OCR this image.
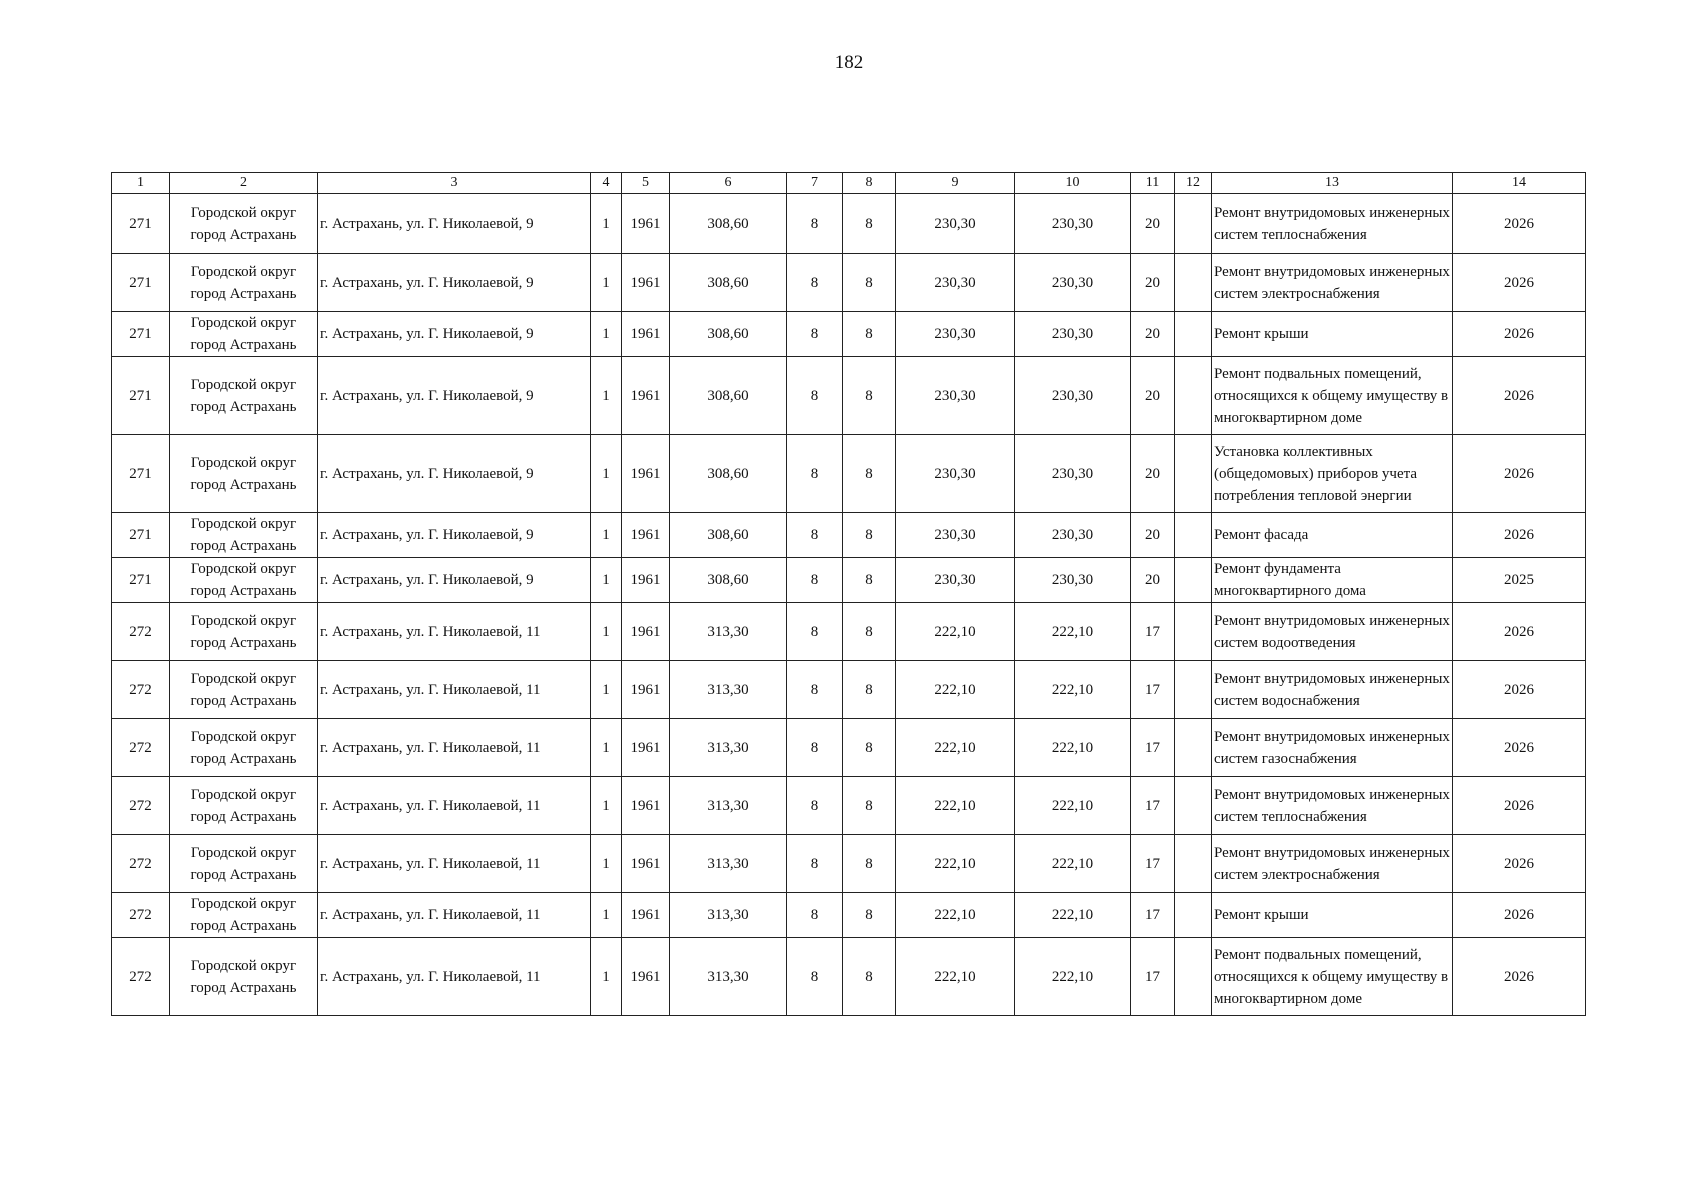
182
1	2	3	4	5	6	7	8	9	10	11	12	13	14
271	Городской округ город Астрахань	г. Астрахань, ул. Г. Николаевой, 9	1	1961	308,60	8	8	230,30	230,30	20		Ремонт внутридомовых инженерных систем теплоснабжения	2026
271	Городской округ город Астрахань	г. Астрахань, ул. Г. Николаевой, 9	1	1961	308,60	8	8	230,30	230,30	20		Ремонт внутридомовых инженерных систем электроснабжения	2026
271	Городской округ город Астрахань	г. Астрахань, ул. Г. Николаевой, 9	1	1961	308,60	8	8	230,30	230,30	20		Ремонт крыши	2026
271	Городской округ город Астрахань	г. Астрахань, ул. Г. Николаевой, 9	1	1961	308,60	8	8	230,30	230,30	20		Ремонт подвальных помещений, относящихся к общему имуществу в многоквартирном доме	2026
271	Городской округ город Астрахань	г. Астрахань, ул. Г. Николаевой, 9	1	1961	308,60	8	8	230,30	230,30	20		Установка коллективных (общедомовых) приборов учета потребления тепловой энергии	2026
271	Городской округ город Астрахань	г. Астрахань, ул. Г. Николаевой, 9	1	1961	308,60	8	8	230,30	230,30	20		Ремонт фасада	2026
271	Городской округ город Астрахань	г. Астрахань, ул. Г. Николаевой, 9	1	1961	308,60	8	8	230,30	230,30	20		Ремонт фундамента многоквартирного дома	2025
272	Городской округ город Астрахань	г. Астрахань, ул. Г. Николаевой, 11	1	1961	313,30	8	8	222,10	222,10	17		Ремонт внутридомовых инженерных систем водоотведения	2026
272	Городской округ город Астрахань	г. Астрахань, ул. Г. Николаевой, 11	1	1961	313,30	8	8	222,10	222,10	17		Ремонт внутридомовых инженерных систем водоснабжения	2026
272	Городской округ город Астрахань	г. Астрахань, ул. Г. Николаевой, 11	1	1961	313,30	8	8	222,10	222,10	17		Ремонт внутридомовых инженерных систем газоснабжения	2026
272	Городской округ город Астрахань	г. Астрахань, ул. Г. Николаевой, 11	1	1961	313,30	8	8	222,10	222,10	17		Ремонт внутридомовых инженерных систем теплоснабжения	2026
272	Городской округ город Астрахань	г. Астрахань, ул. Г. Николаевой, 11	1	1961	313,30	8	8	222,10	222,10	17		Ремонт внутридомовых инженерных систем электроснабжения	2026
272	Городской округ город Астрахань	г. Астрахань, ул. Г. Николаевой, 11	1	1961	313,30	8	8	222,10	222,10	17		Ремонт крыши	2026
272	Городской округ город Астрахань	г. Астрахань, ул. Г. Николаевой, 11	1	1961	313,30	8	8	222,10	222,10	17		Ремонт подвальных помещений, относящихся к общему имуществу в многоквартирном доме	2026
